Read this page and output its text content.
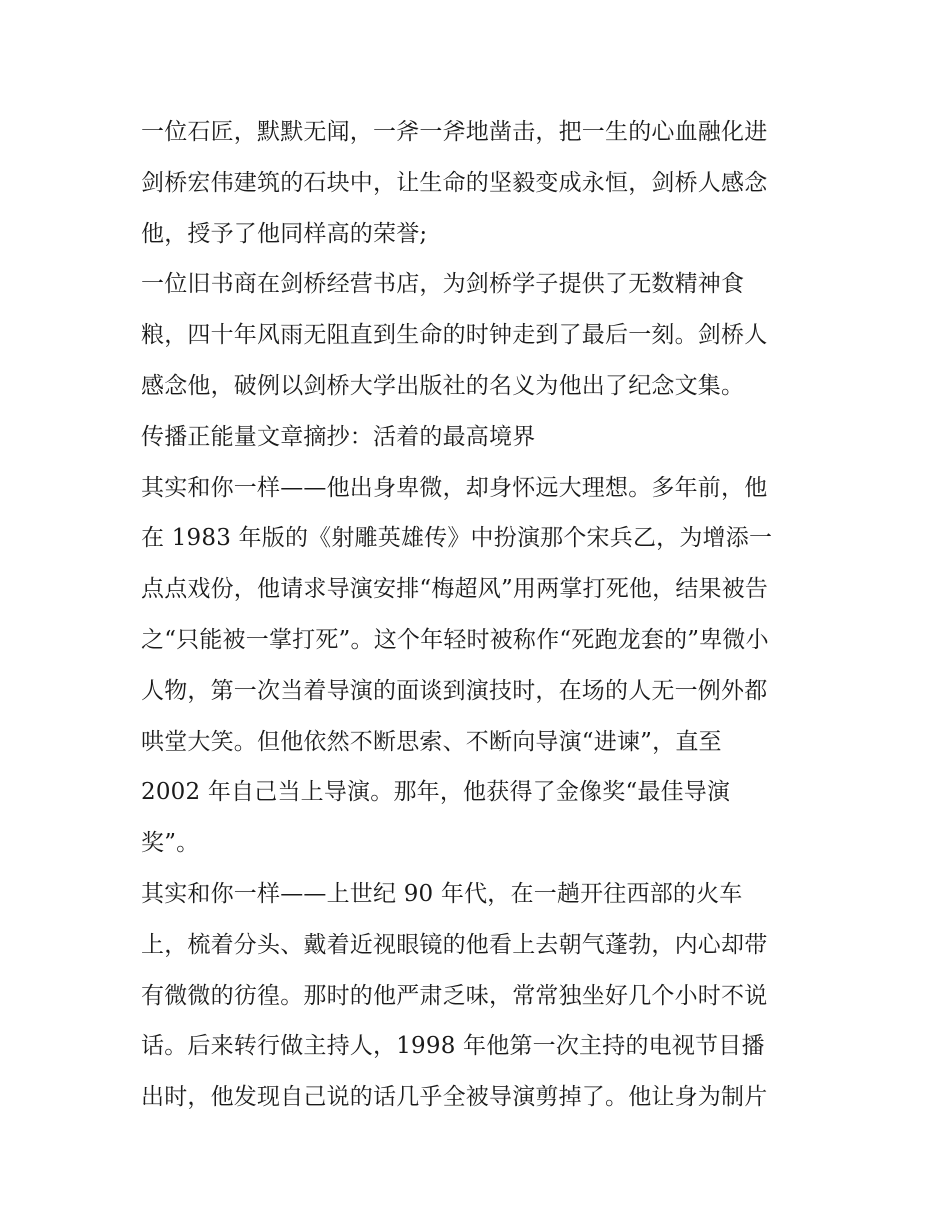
一位石匠，默默无闻，一斧一斧地凿击，把一生的心血融化进
剑桥宏伟建筑的石块中，让生命的坚毅变成永恒，剑桥人感念
他，授予了他同样高的荣誉;
一位旧书商在剑桥经营书店，为剑桥学子提供了无数精神食
粮，四十年风雨无阻直到生命的时钟走到了最后一刻。剑桥人
感念他，破例以剑桥大学出版社的名义为他出了纪念文集。
传播正能量文章摘抄：活着的最高境界
其实和你一样——他出身卑微，却身怀远大理想。多年前，他
在 1983 年版的《射雕英雄传》中扮演那个宋兵乙，为增添一
点点戏份，他请求导演安排“梅超风”用两掌打死他，结果被告
之“只能被一掌打死”。这个年轻时被称作“死跑龙套的”卑微小
人物，第一次当着导演的面谈到演技时，在场的人无一例外都
哄堂大笑。但他依然不断思索、不断向导演“进谏”，直至
2002 年自己当上导演。那年，他获得了金像奖“最佳导演
奖”。
其实和你一样——上世纪 90 年代，在一趟开往西部的火车
上，梳着分头、戴着近视眼镜的他看上去朝气蓬勃，内心却带
有微微的彷徨。那时的他严肃乏味，常常独坐好几个小时不说
话。后来转行做主持人，1998 年他第一次主持的电视节目播
出时，他发现自己说的话几乎全被导演剪掉了。他让身为制片
